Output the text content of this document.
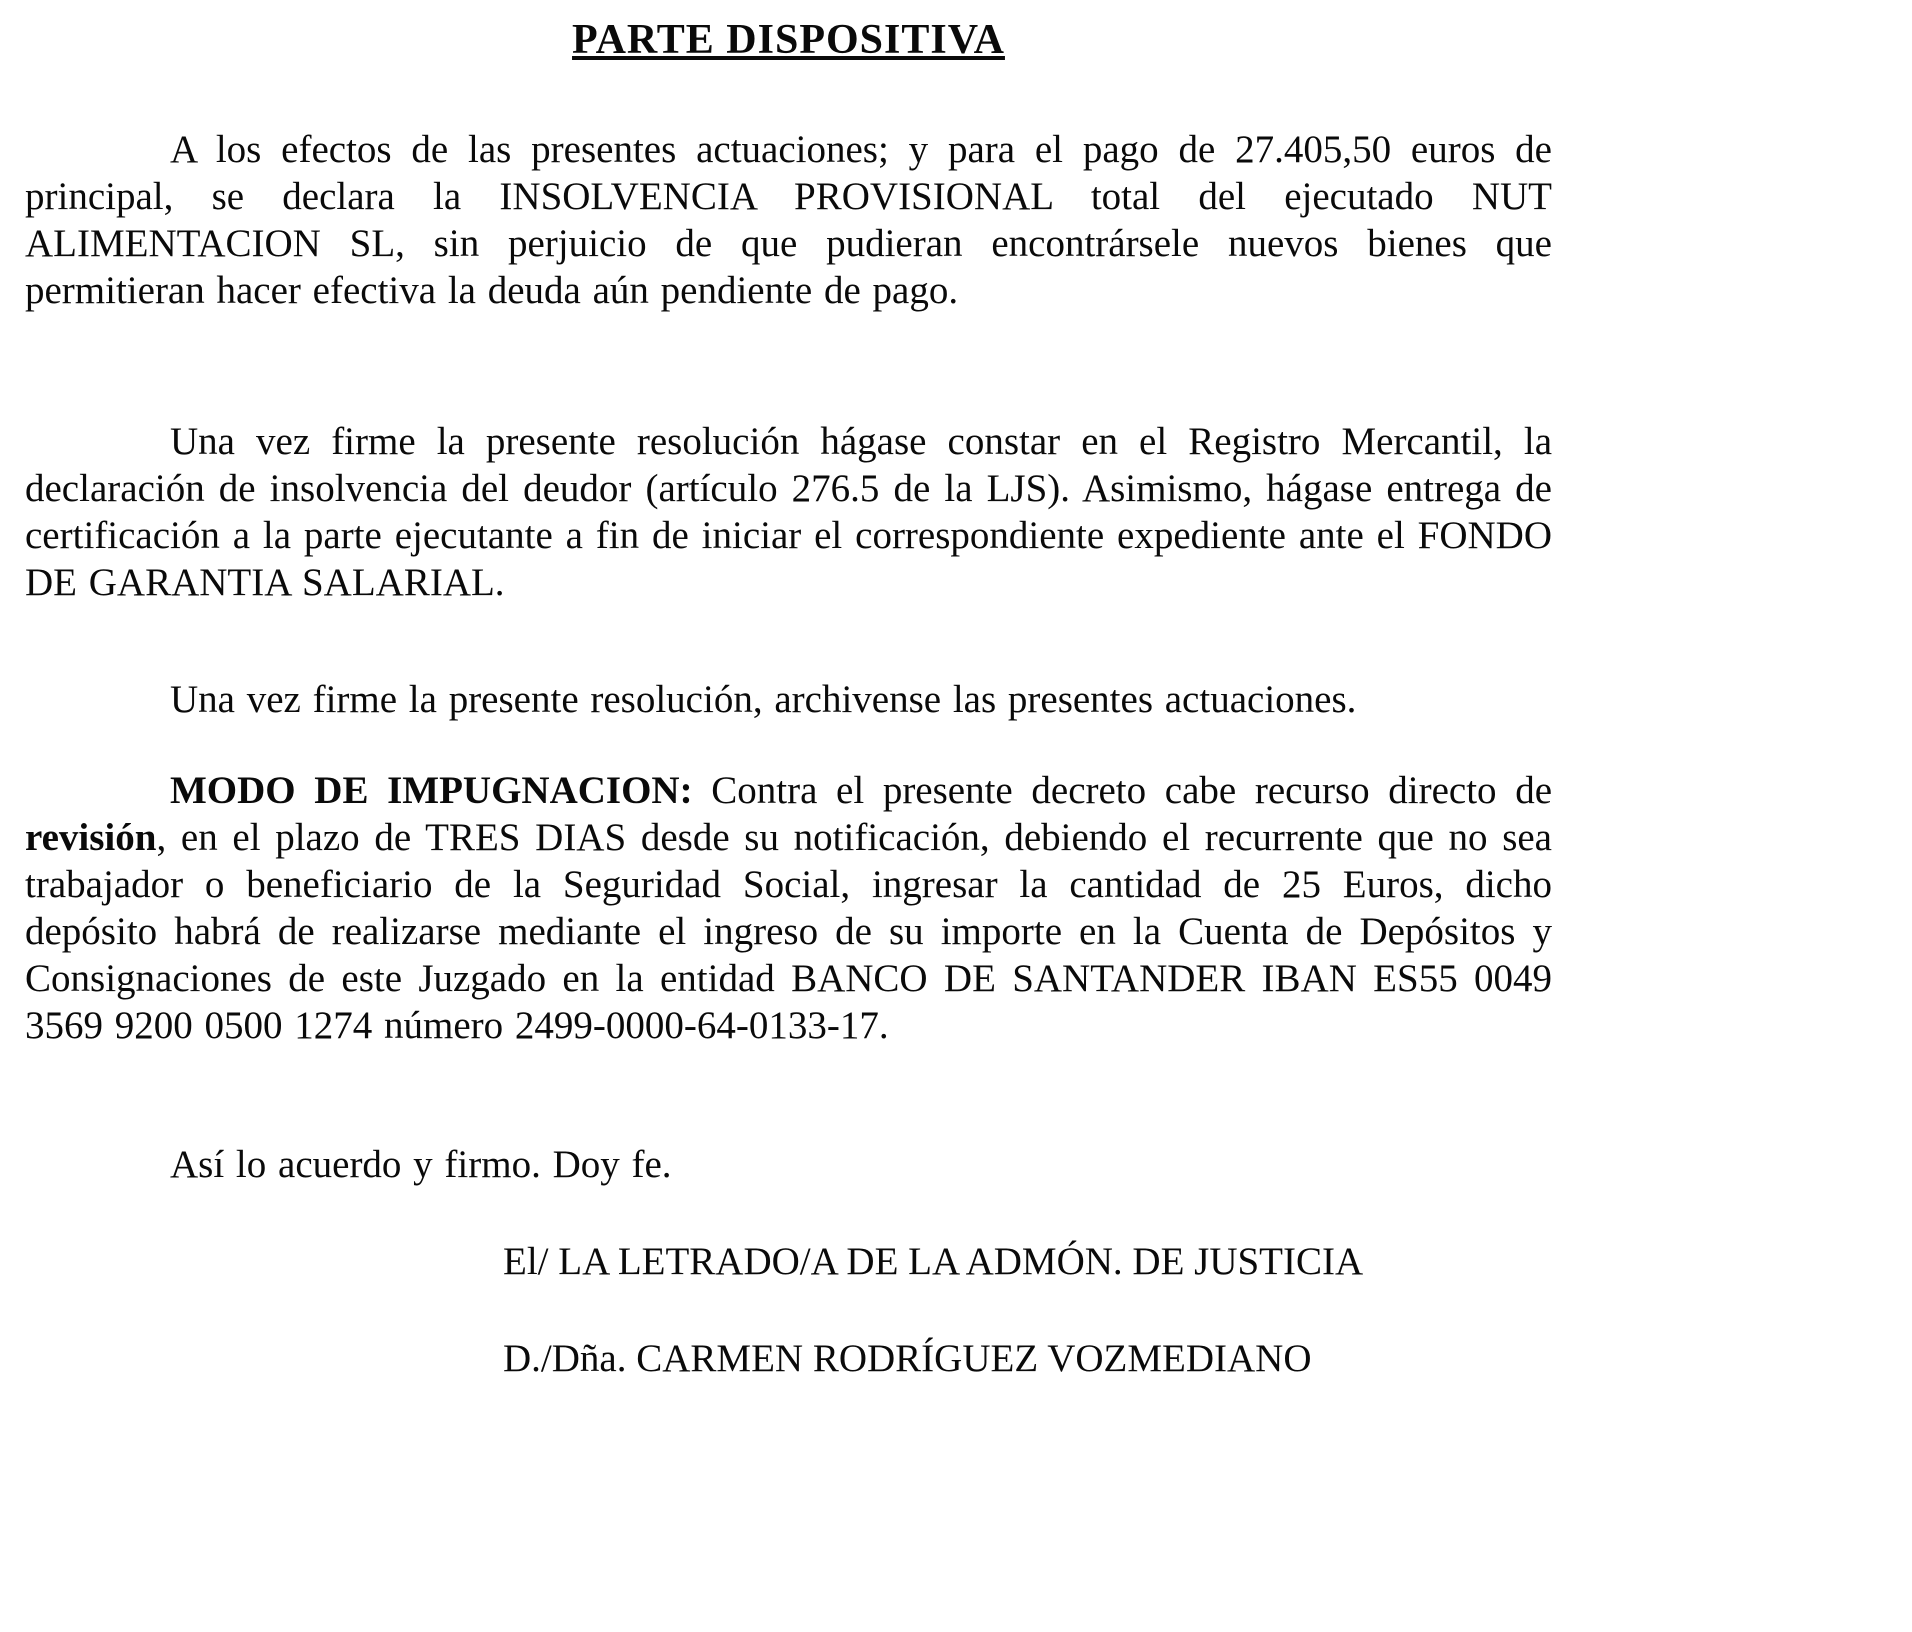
PARTE DISPOSITIVA

A los efectos de las presentes actuaciones; y para el pago de 27.405,50 euros de principal, se declara la INSOLVENCIA PROVISIONAL total del ejecutado NUT ALIMENTACION SL, sin perjuicio de que pudieran encontrársele nuevos bienes que permitieran hacer efectiva la deuda aún pendiente de pago.

Una vez firme la presente resolución hágase constar en el Registro Mercantil, la declaración de insolvencia del deudor (artículo 276.5 de la LJS). Asimismo, hágase entrega de certificación a la parte ejecutante a fin de iniciar el correspondiente expediente ante el FONDO DE GARANTIA SALARIAL.

Una vez firme la presente resolución, archivense las presentes actuaciones.

MODO DE IMPUGNACION: Contra el presente decreto cabe recurso directo de revisión, en el plazo de TRES DIAS desde su notificación, debiendo el recurrente que no sea trabajador o beneficiario de la Seguridad Social, ingresar la cantidad de 25 Euros, dicho depósito habrá de realizarse mediante el ingreso de su importe en la Cuenta de Depósitos y Consignaciones de este Juzgado en la entidad BANCO DE SANTANDER IBAN ES55 0049 3569 9200 0500 1274 número 2499-0000-64-0133-17.

Así lo acuerdo y firmo. Doy fe.

El/ LA LETRADO/A DE LA ADMÓN. DE JUSTICIA

D./Dña. CARMEN RODRÍGUEZ VOZMEDIANO
